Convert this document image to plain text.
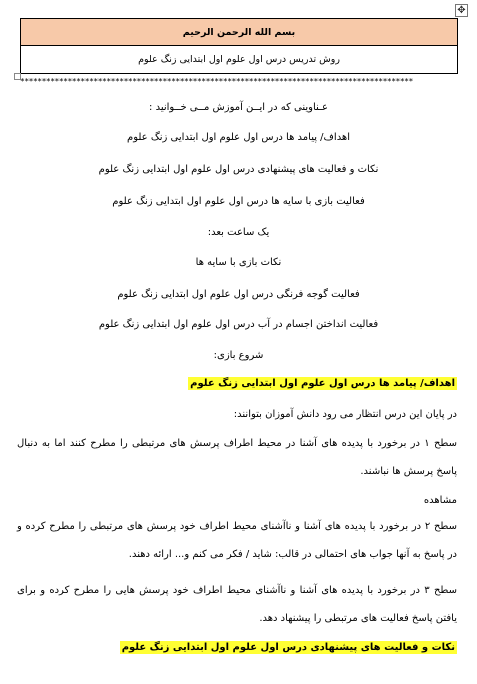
✥
بسم الله الرحمن الرحيم
روش تدریس درس اول علوم اول ابتدایی زنگ علوم
*******************************************************************************************
عـناوینی که در ایــن آموزش مــی خــوانید :
اهداف/ پیامد ها درس اول علوم اول ابتدایی زنگ علوم
نکات و فعالیت های پیشنهادی درس اول علوم اول ابتدایی زنگ علوم
فعالیت بازی با سایه ها درس اول علوم اول ابتدایی زنگ علوم
یک ساعت بعد:
نکات بازی با سایه ها
فعالیت گوجه فرنگی درس اول علوم اول ابتدایی زنگ علوم
فعالیت انداختن اجسام در آب درس اول علوم اول ابتدایی زنگ علوم
شروع بازی:
اهداف/ پیامد ها درس اول علوم اول ابتدایی زنگ علوم
در پایان این درس انتظار می رود دانش آموزان بتوانند:
سطح ۱ در برخورد با پدیده های آشنا در محیط اطراف پرسش های مرتبطی را مطرح کنند اما به دنبال پاسخ پرسش ها نباشند.
مشاهده
سطح ۲ در برخورد با پدیده های آشنا و ناآشنای محیط اطراف خود پرسش های مرتبطی را مطرح کرده و در پاسخ به آنها جواب های احتمالی در قالب: شاید / فکر می کنم و... ارائه دهند.
سطح ۳ در برخورد با پدیده های آشنا و ناآشنای محیط اطراف خود پرسش هایی را مطرح کرده و برای یافتن پاسخ فعالیت های مرتبطی را پیشنهاد دهد.
نکات و فعالیت های پیشنهادی درس اول علوم اول ابتدایی زنگ علوم
